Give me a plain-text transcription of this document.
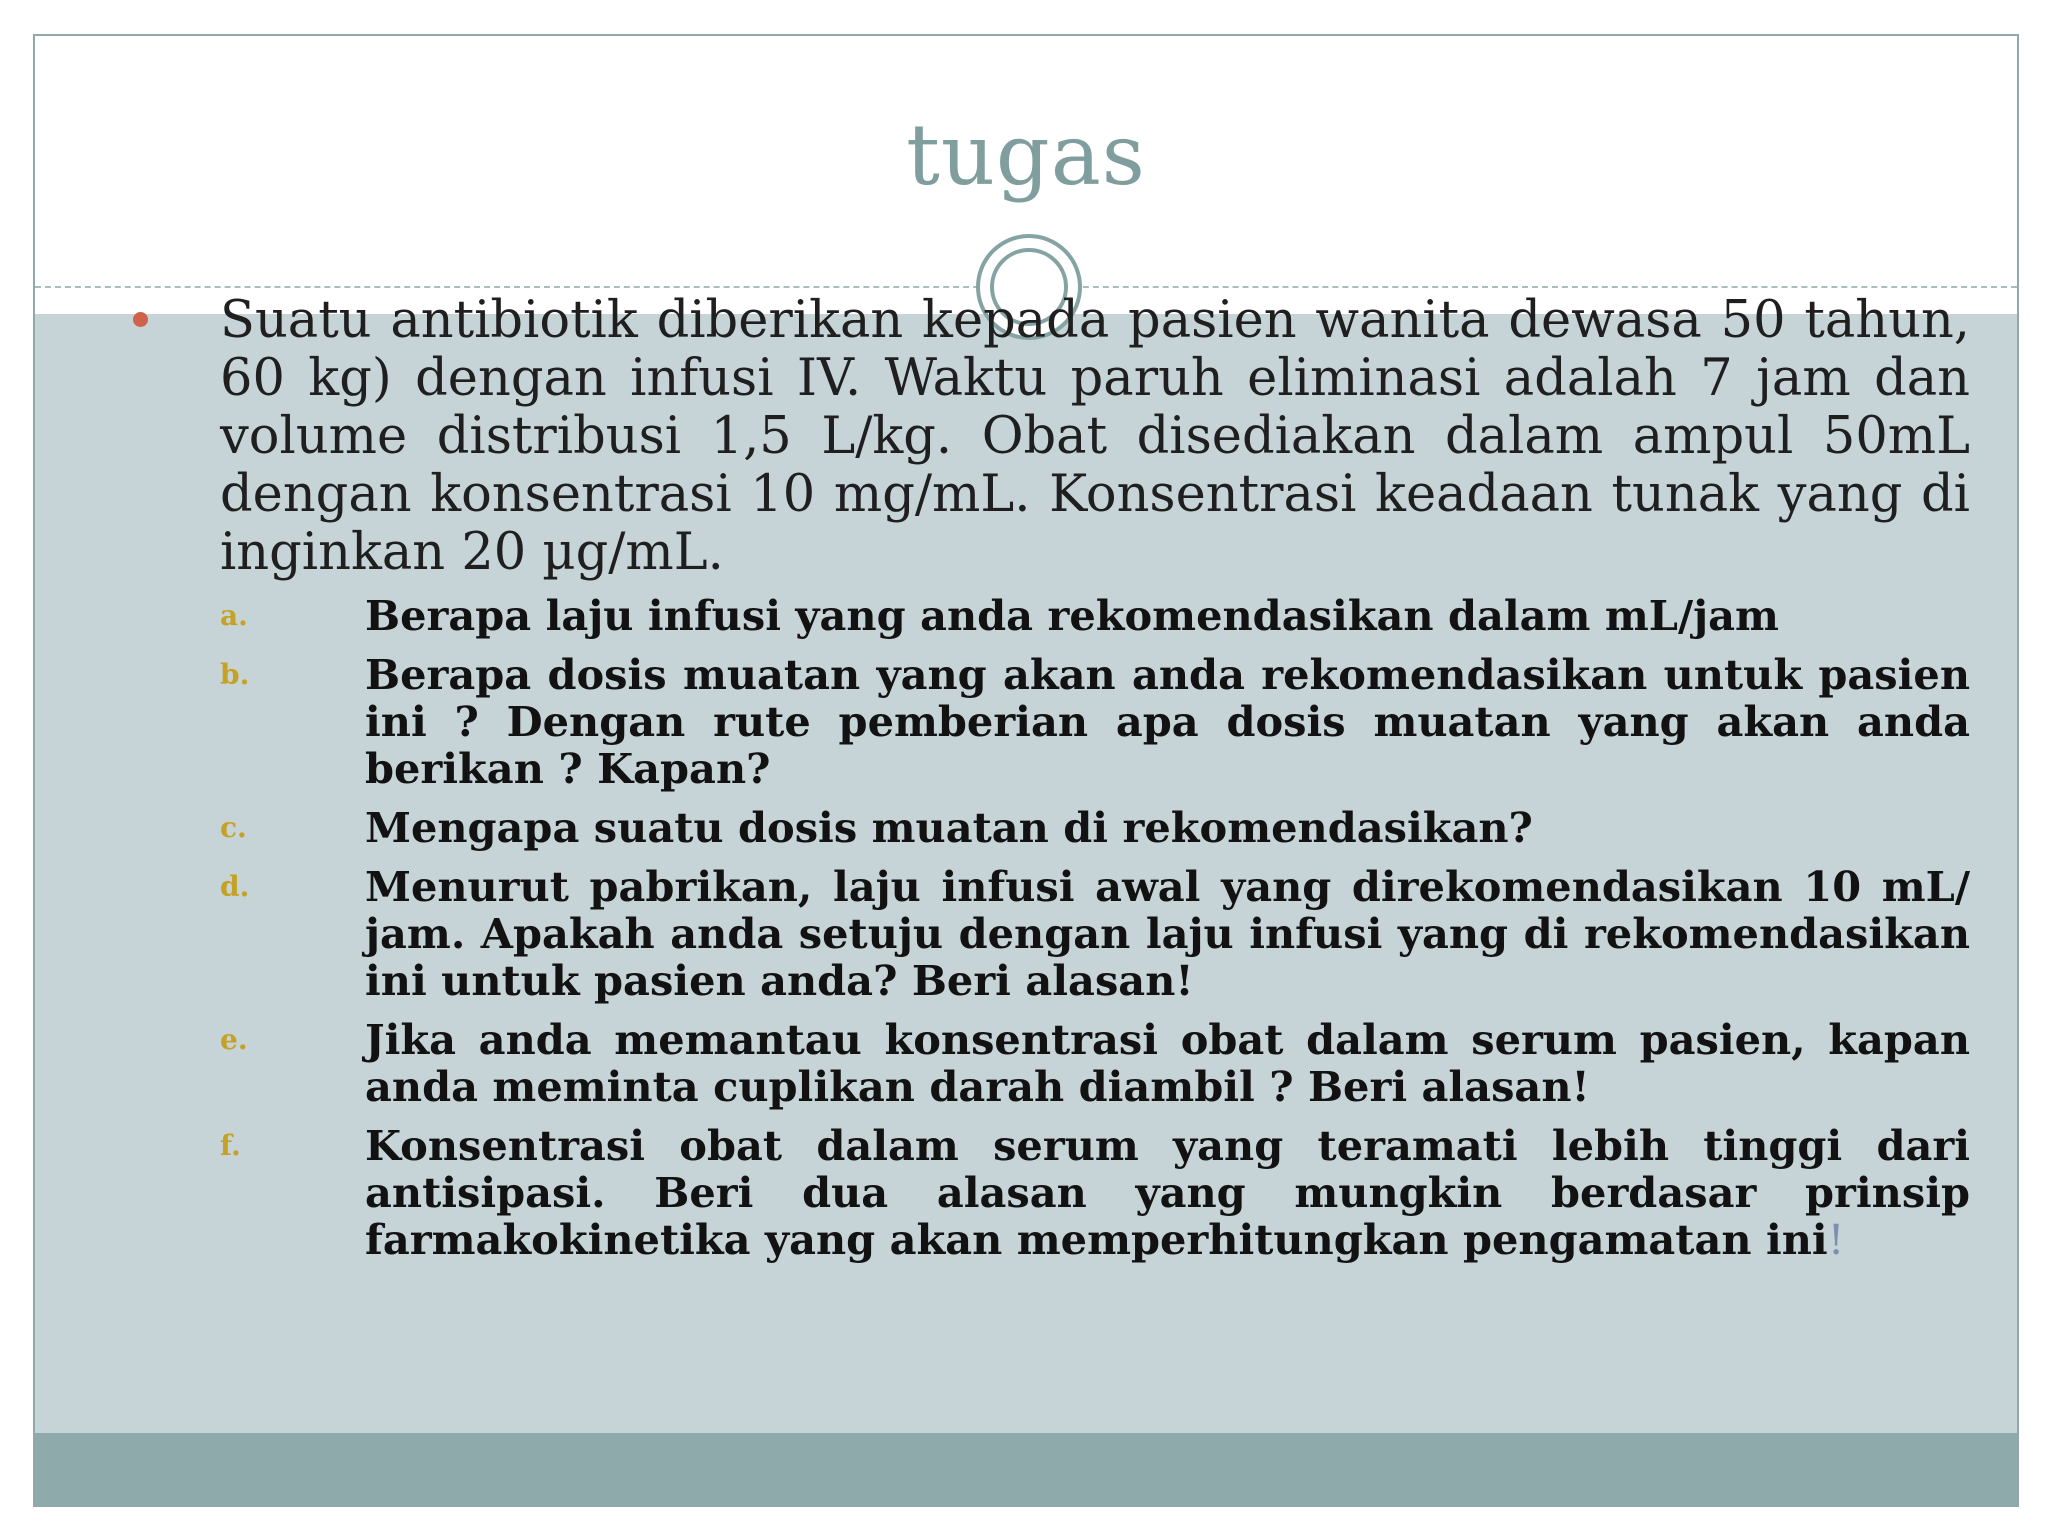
tugas
Suatu antibiotik diberikan kepada pasien wanita dewasa 50 tahun, 60 kg) dengan infusi IV. Waktu paruh eliminasi adalah 7 jam dan volume distribusi 1,5 L/kg. Obat disediakan dalam ampul 50mL dengan konsentrasi 10 mg/mL. Konsentrasi keadaan tunak yang di inginkan 20 µg/mL.
a.	Berapa laju infusi yang anda rekomendasikan dalam mL/jam
b.	Berapa dosis muatan yang akan anda rekomendasikan untuk pasien ini ? Dengan rute pemberian apa dosis muatan yang akan anda berikan ? Kapan?
c.	Mengapa suatu dosis muatan di rekomendasikan?
d.	Menurut pabrikan, laju infusi awal yang direkomendasikan 10 mL/ jam. Apakah anda setuju dengan laju infusi yang di rekomendasikan ini untuk pasien anda? Beri alasan!
e.	Jika anda memantau konsentrasi obat dalam serum pasien, kapan anda meminta cuplikan darah diambil ? Beri alasan!
f.	Konsentrasi obat dalam serum yang teramati lebih tinggi dari antisipasi. Beri dua alasan yang mungkin berdasar prinsip farmakokinetika yang akan memperhitungkan pengamatan ini!
